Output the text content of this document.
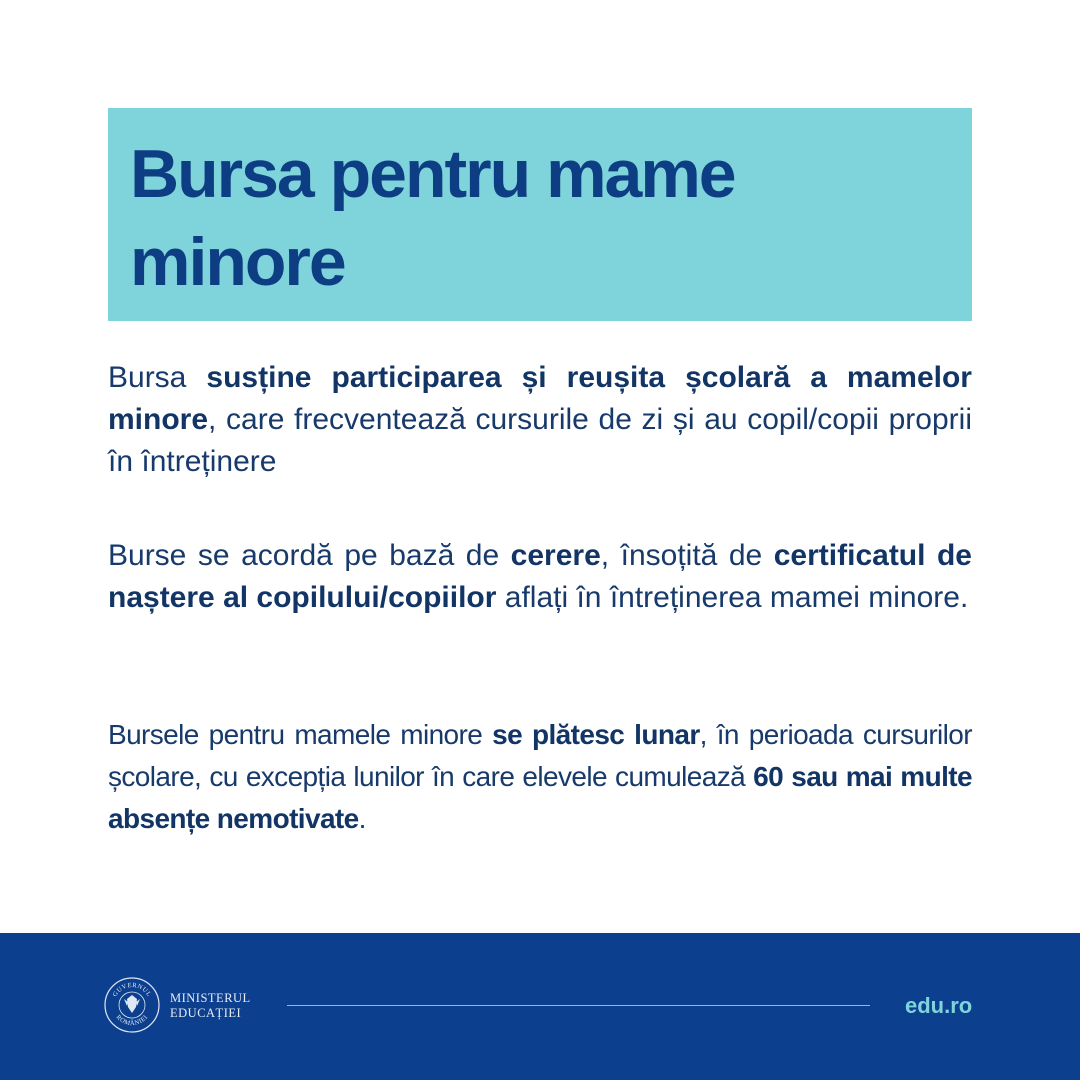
Bursa pentru mame
minore

Bursa susține participarea și reușita școlară a mamelor minore, care frecventează cursurile de zi și au copil/copii proprii în întreținere

Burse se acordă pe bază de cerere, însoțită de certificatul de naștere al copilului/copiilor aflați în întreținerea mamei minore.

Bursele pentru mamele minore se plătesc lunar, în perioada cursurilor școlare, cu excepția lunilor în care elevele cumulează 60 sau mai multe absențe nemotivate.

GUVERNUL
ROMÂNIEI
MINISTERUL
EDUCAȚIEI	edu.ro
